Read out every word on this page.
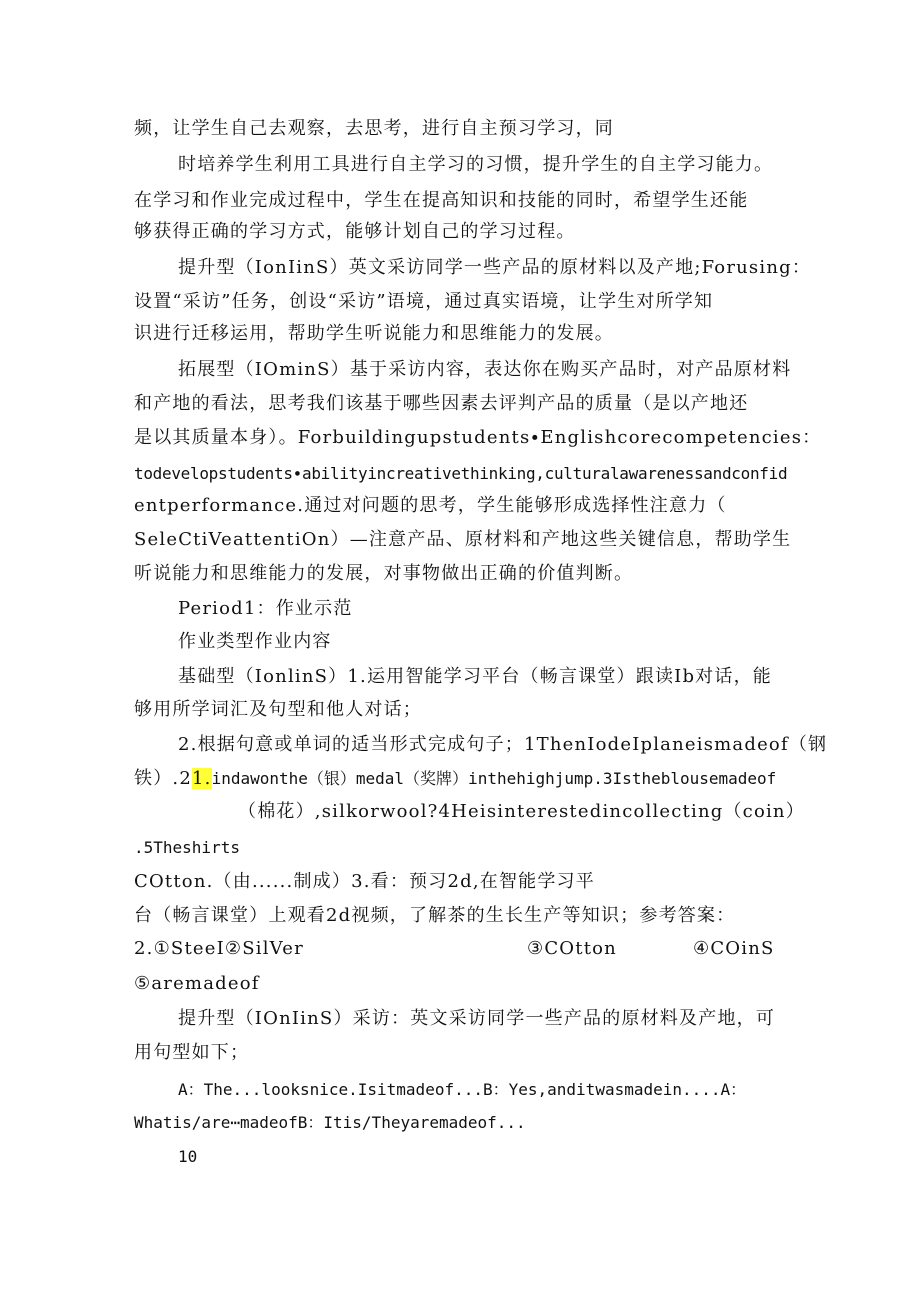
频，让学生自己去观察，去思考，进行自主预习学习，同
时培养学生利用工具进行自主学习的习惯，提升学生的自主学习能力。
在学习和作业完成过程中，学生在提高知识和技能的同时，希望学生还能
够获得正确的学习方式，能够计划自己的学习过程。
提升型（IonIinS）英文采访同学一些产品的原材料以及产地;Forusing：
设置“采访”任务，创设“采访”语境，通过真实语境，让学生对所学知
识进行迁移运用，帮助学生听说能力和思维能力的发展。
拓展型（IOminS）基于采访内容，表达你在购买产品时，对产品原材料
和产地的看法，思考我们该基于哪些因素去评判产品的质量（是以产地还
是以其质量本身）。Forbuildingupstudents∙Englishcorecompetencies：
todevelopstudents∙abilityincreativethinking,culturalawarenessandconfid
entperformance.通过对问题的思考，学生能够形成选择性注意力（
SeleCtiVeattentiOn）—注意产品、原材料和产地这些关键信息，帮助学生
听说能力和思维能力的发展，对事物做出正确的价值判断。
Period1：作业示范
作业类型作业内容
基础型（IonlinS）1.运用智能学习平台（畅言课堂）跟读Ib对话，能
够用所学词汇及句型和他人对话；
2.根据句意或单词的适当形式完成句子；1ThenIodeIplaneismadeof（钢
铁）.21.indawonthe（银）medal（奖牌）inthehighjump.3Istheblousemadeof
（棉花）,silkorwool?4Heisinterestedincollecting（coin）
.5Theshirts
COtton.（由......制成）3.看：预习2d,在智能学习平
台（畅言课堂）上观看2d视频，了解茶的生长生产等知识；参考答案：
2.①SteeI②SilVer	③COtton	④COinS
⑤aremadeof
提升型（IOnIinS）采访：英文采访同学一些产品的原材料及产地，可
用句型如下；
A：The...looksnice.Isitmadeof...B：Yes,anditwasmadein....A：
Whatis/are⋯madeofB：Itis/Theyaremadeof...
10
